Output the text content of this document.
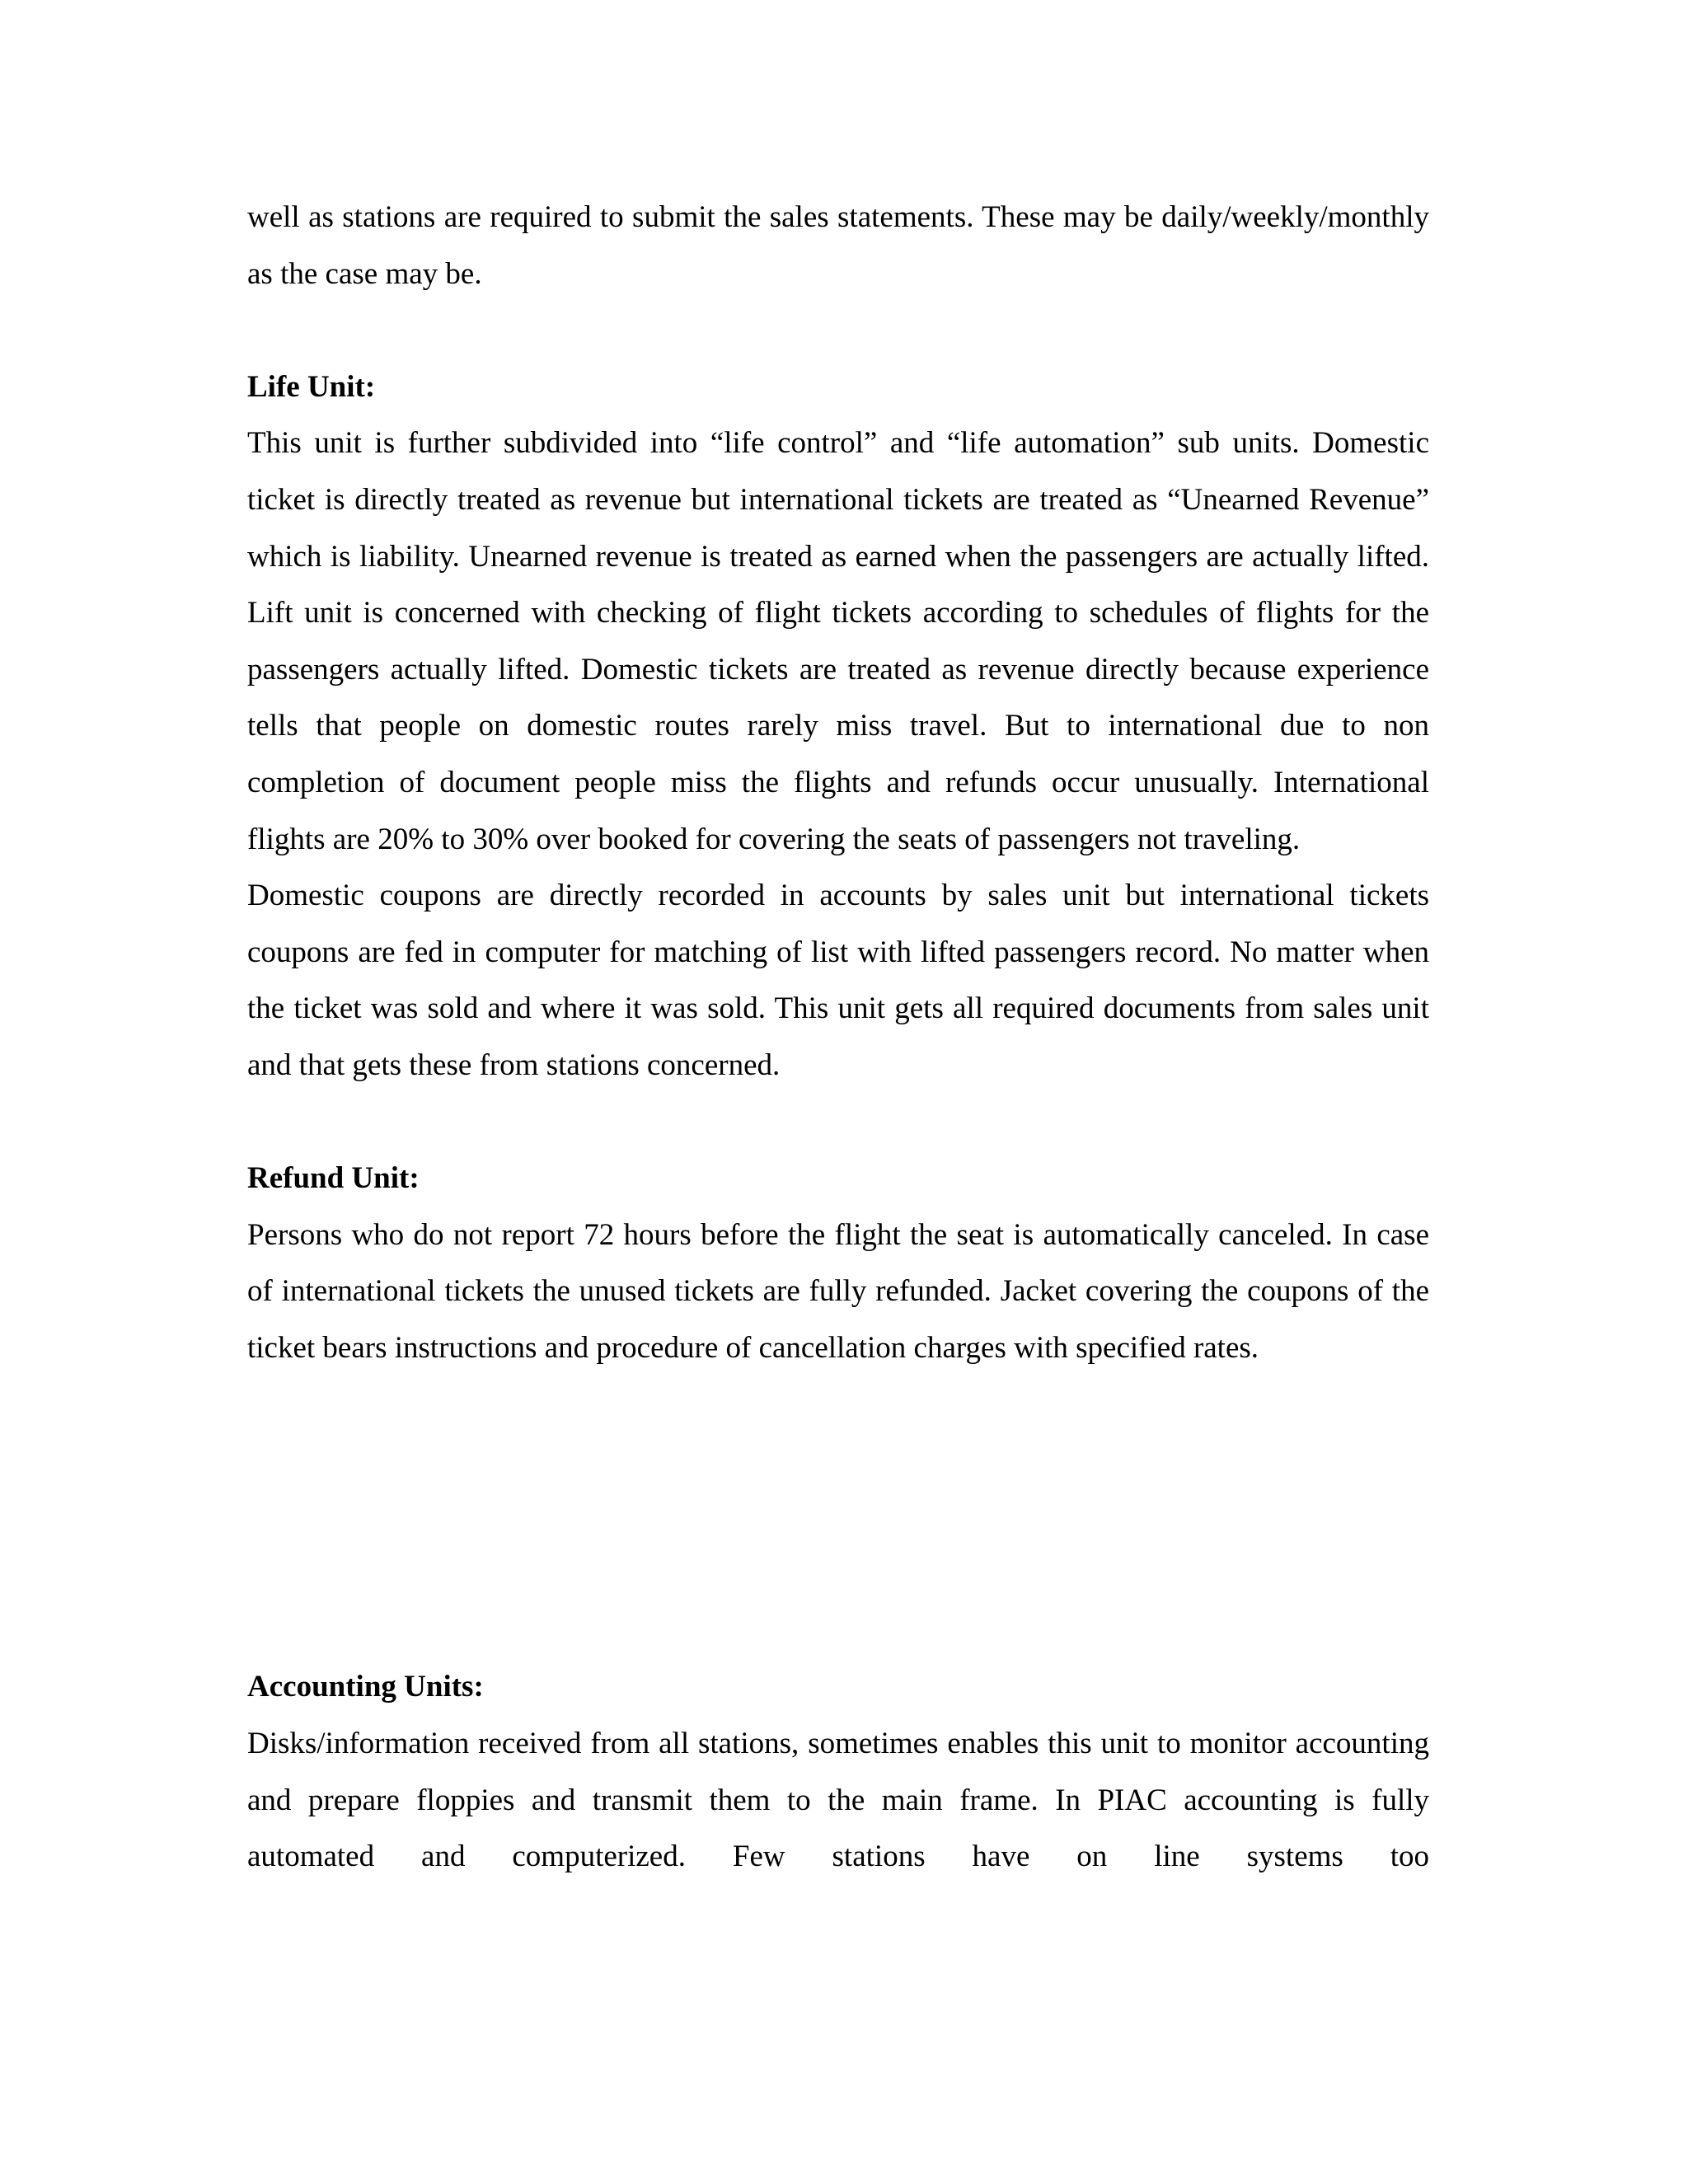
well as stations are required to submit the sales statements. These may be daily/weekly/monthly as the case may be.

Life Unit:

This unit is further subdivided into “life control” and “life automation” sub units. Domestic ticket is directly treated as revenue but international tickets are treated as “Unearned Revenue” which is liability. Unearned revenue is treated as earned when the passengers are actually lifted. Lift unit is concerned with checking of flight tickets according to schedules of flights for the passengers actually lifted. Domestic tickets are treated as revenue directly because experience tells that people on domestic routes rarely miss travel. But to international due to non completion of document people miss the flights and refunds occur unusually. International flights are 20% to 30% over booked for covering the seats of passengers not traveling.

Domestic coupons are directly recorded in accounts by sales unit but international tickets coupons are fed in computer for matching of list with lifted passengers record. No matter when the ticket was sold and where it was sold. This unit gets all required documents from sales unit and that gets these from stations concerned.

Refund Unit:

Persons who do not report 72 hours before the flight the seat is automatically canceled. In case of international tickets the unused tickets are fully refunded. Jacket covering the coupons of the ticket bears instructions and procedure of cancellation charges with specified rates.

Accounting Units:

Disks/information received from all stations, sometimes enables this unit to monitor accounting and prepare floppies and transmit them to the main frame. In PIAC accounting is fully automated and computerized. Few stations have on line systems too
